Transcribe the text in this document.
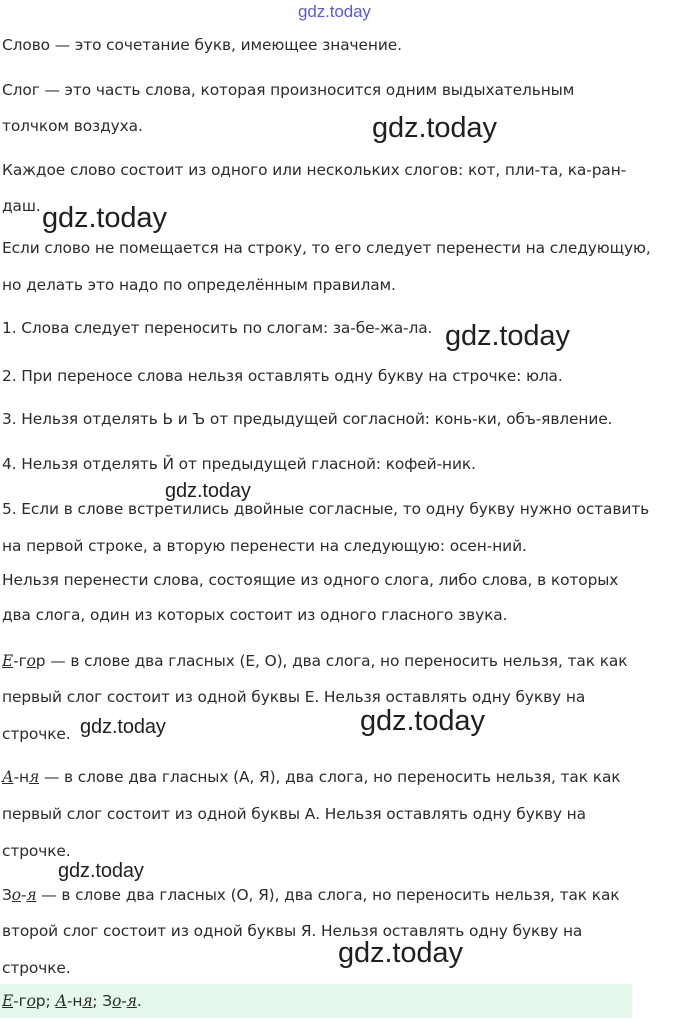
gdz.today
gdz.today
gdz.today
gdz.today
gdz.today
gdz.today
gdz.today
gdz.today
gdz.today
Слово — это сочетание букв, имеющее значение.
Слог — это часть слова, которая произносится одним выдыхательным
толчком воздуха.
Каждое слово состоит из одного или нескольких слогов: кот, пли-та, ка-ран-
даш.
Если слово не помещается на строку, то его следует перенести на следующую,
но делать это надо по определённым правилам.
1. Слова следует переносить по слогам: за-бе-жа-ла.
2. При переносе слова нельзя оставлять одну букву на строчке: юла.
3. Нельзя отделять Ь и Ъ от предыдущей согласной: конь-ки, объ-явление.
4. Нельзя отделять Й от предыдущей гласной: кофей-ник.
5. Если в слове встретились двойные согласные, то одну букву нужно оставить
на первой строке, а вторую перенести на следующую: осен-ний.
Нельзя перенести слова, состоящие из одного слога, либо слова, в которых
два слога, один из которых состоит из одного гласного звука.
Е-гор — в слове два гласных (Е, О), два слога, но переносить нельзя, так как
первый слог состоит из одной буквы Е. Нельзя оставлять одну букву на
строчке.
А-ня — в слове два гласных (А, Я), два слога, но переносить нельзя, так как
первый слог состоит из одной буквы А. Нельзя оставлять одну букву на
строчке.
Зо-я — в слове два гласных (О, Я), два слога, но переносить нельзя, так как
второй слог состоит из одной буквы Я. Нельзя оставлять одну букву на
строчке.
Е-гор; А-ня; Зо-я.
